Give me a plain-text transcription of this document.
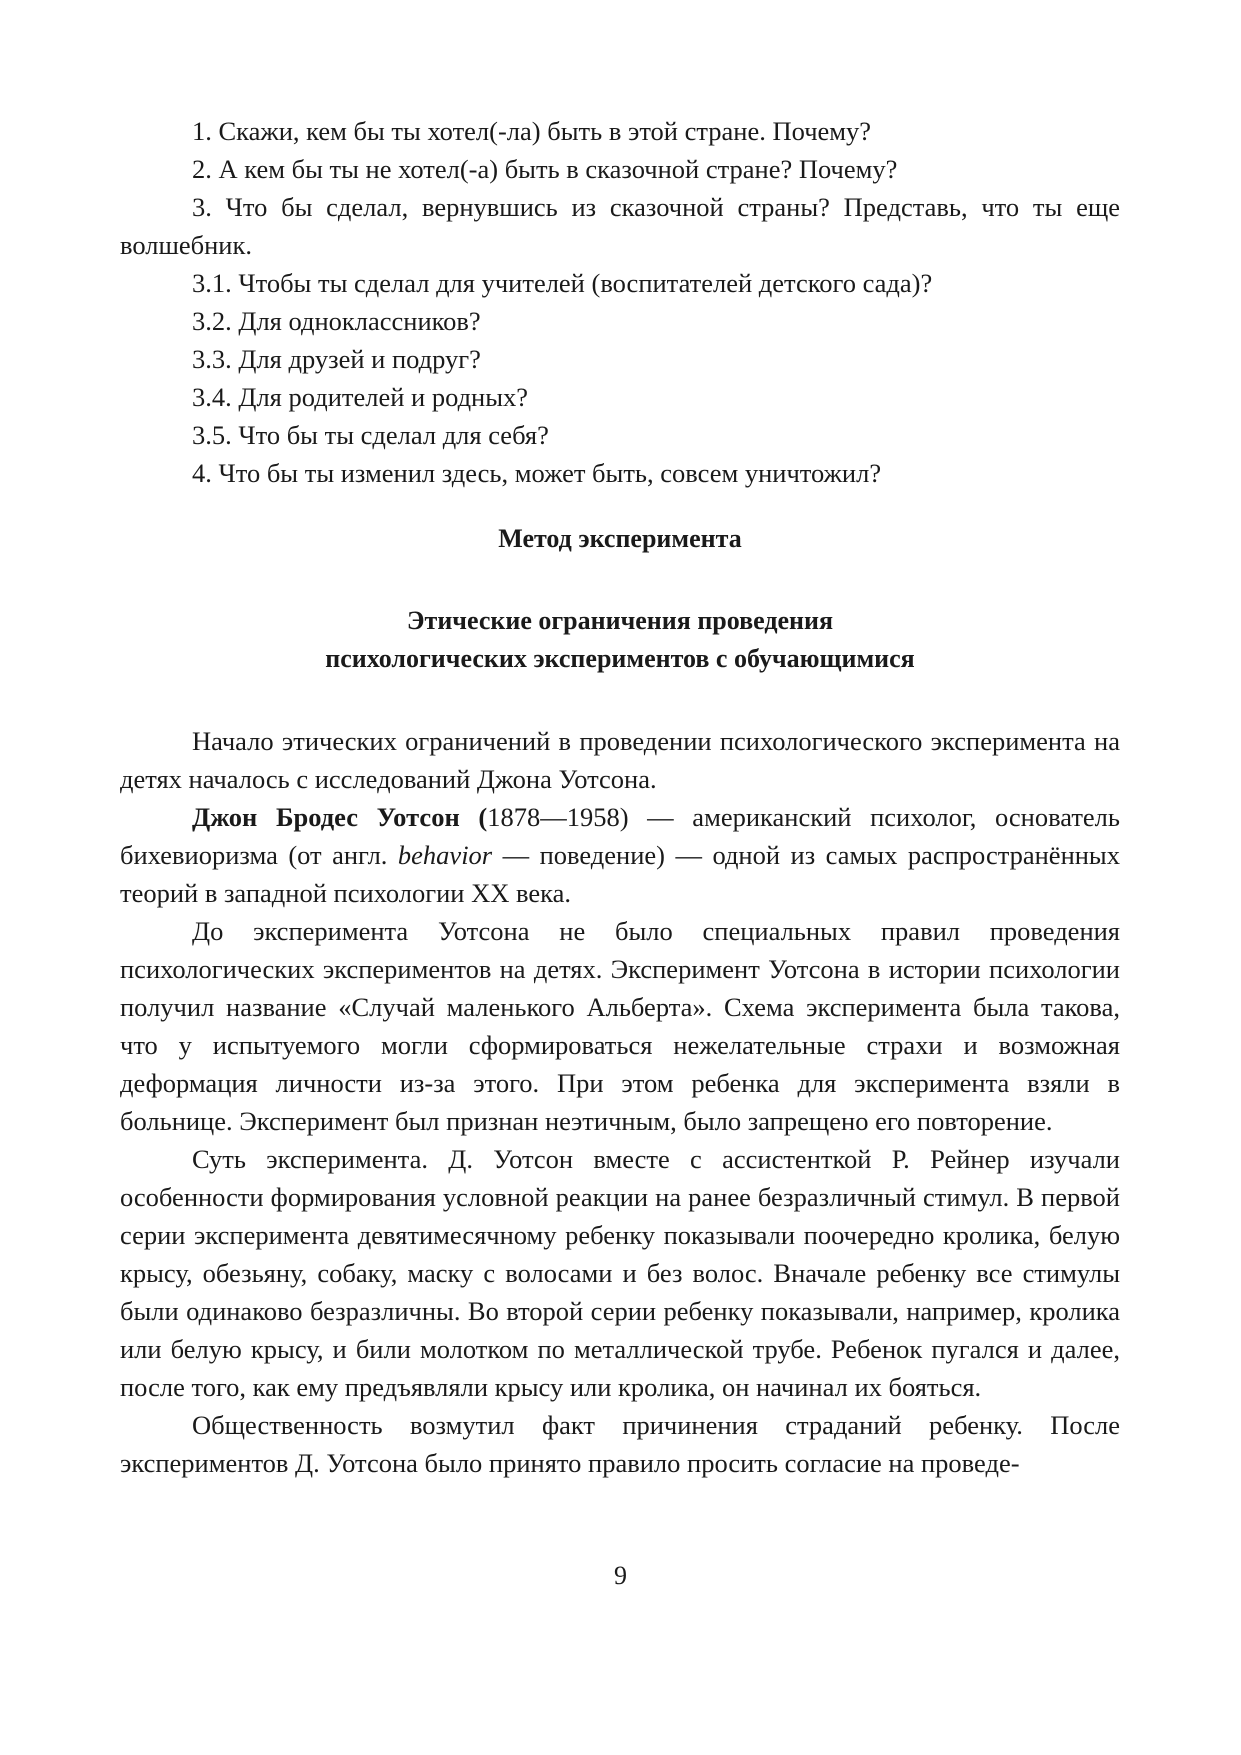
1. Скажи, кем бы ты хотел(-ла) быть в этой стране. Почему?

2. А кем бы ты не хотел(-а) быть в сказочной стране? Почему?

3. Что бы сделал, вернувшись из сказочной страны? Представь, что ты еще волшебник.

3.1. Чтобы ты сделал для учителей (воспитателей детского сада)?

3.2. Для одноклассников?

3.3. Для друзей и подруг?

3.4. Для родителей и родных?

3.5. Что бы ты сделал для себя?

4. Что бы ты изменил здесь, может быть, совсем уничтожил?

Метод эксперимента

Этические ограничения проведения

психологических экспериментов с обучающимися

Начало этических ограничений в проведении психологического эксперимента на детях началось с исследований Джона Уотсона.

Джон Бродес Уотсон (1878—1958) — американский психолог, основатель бихевиоризма (от англ. behavior — поведение) — одной из самых распространённых теорий в западной психологии XX века.

До эксперимента Уотсона не было специальных правил проведения психологических экспериментов на детях. Эксперимент Уотсона в истории психологии получил название «Случай маленького Альберта». Схема эксперимента была такова, что у испытуемого могли сформироваться нежелательные страхи и возможная деформация личности из-за этого. При этом ребенка для эксперимента взяли в больнице. Эксперимент был признан неэтичным, было запрещено его повторение.

Суть эксперимента. Д. Уотсон вместе с ассистенткой Р. Рейнер изучали особенности формирования условной реакции на ранее безразличный стимул. В первой серии эксперимента девятимесячному ребенку показывали поочередно кролика, белую крысу, обезьяну, собаку, маску с волосами и без волос. Вначале ребенку все стимулы были одинаково безразличны. Во второй серии ребенку показывали, например, кролика или белую крысу, и били молотком по металлической трубе. Ребенок пугался и далее, после того, как ему предъявляли крысу или кролика, он начинал их бояться.

Общественность возмутил факт причинения страданий ребенку. После экспериментов Д. Уотсона было принято правило просить согласие на проведе-

9
